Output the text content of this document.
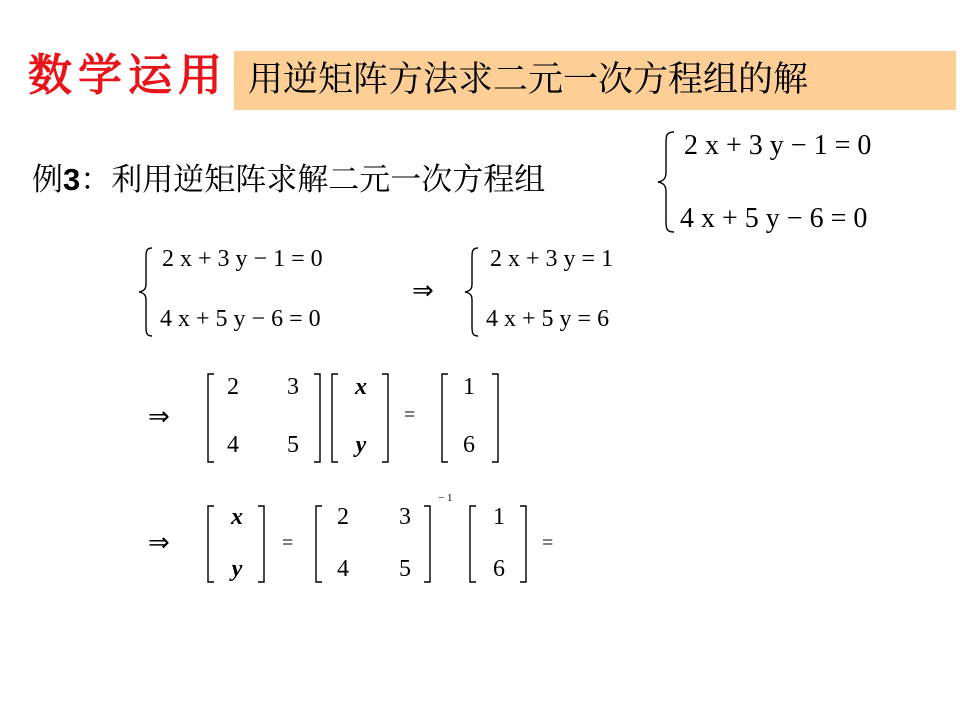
数学运用 用逆矩阵方法求二元一次方程组的解
例3：利用逆矩阵求解二元一次方程组
2 x + 3 y − 1 = 0
4 x + 5 y − 6 = 0
2 x + 3 y − 1 = 0
4 x + 5 y − 6 = 0
⇒
2 x + 3 y = 1
4 x + 5 y = 6
⇒
2	3
4	5
x
y
=
1
6
⇒
x
y
=
2	3
4	5
− 1
1
6
=
